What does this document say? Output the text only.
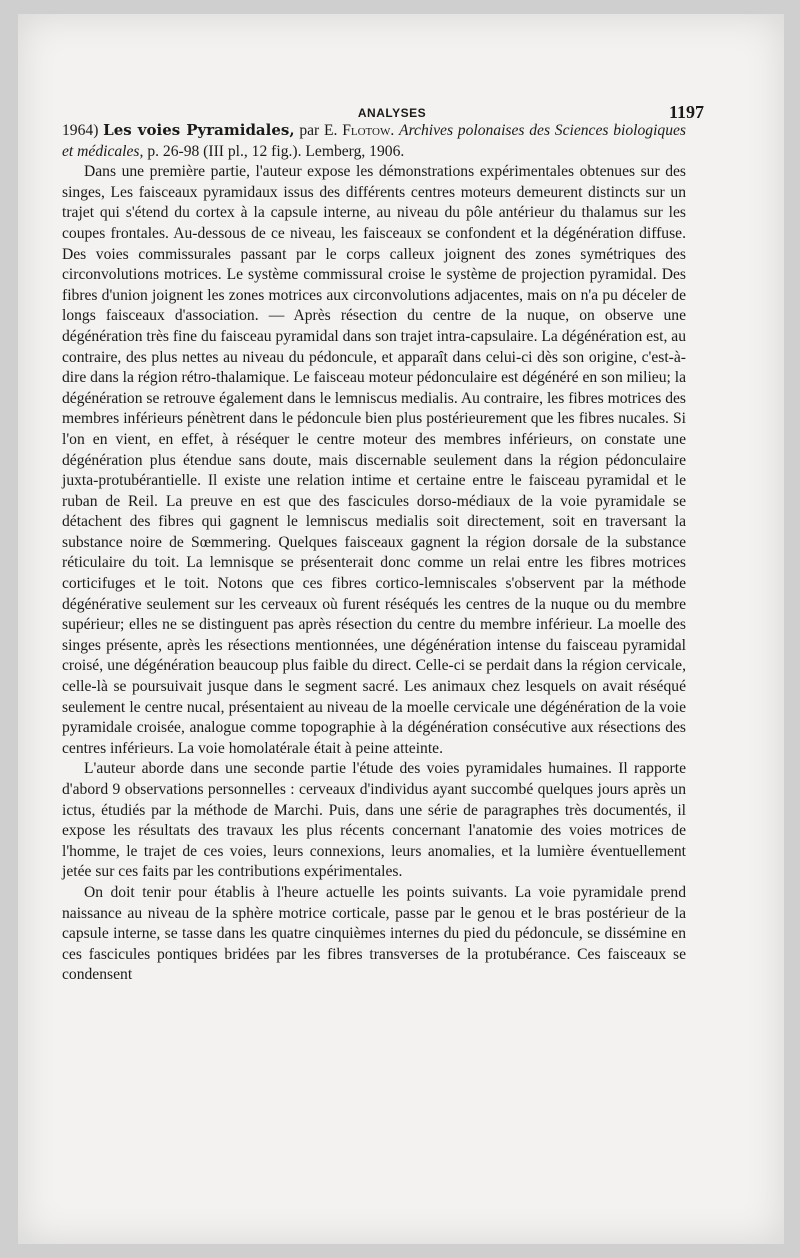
ANALYSES	1197

1964) Les voies Pyramidales, par E. Flotow. Archives polonaises des Sciences biologiques et médicales, p. 26-98 (III pl., 12 fig.). Lemberg, 1906.

Dans une première partie, l'auteur expose les démonstrations expérimentales obtenues sur des singes, Les faisceaux pyramidaux issus des différents centres moteurs demeurent distincts sur un trajet qui s'étend du cortex à la capsule interne, au niveau du pôle antérieur du thalamus sur les coupes frontales. Au-dessous de ce niveau, les faisceaux se confondent et la dégénération diffuse. Des voies commissurales passant par le corps calleux joignent des zones symétriques des circonvolutions motrices. Le système commissural croise le système de projection pyramidal. Des fibres d'union joignent les zones motrices aux circonvolutions adjacentes, mais on n'a pu déceler de longs faisceaux d'association. — Après résection du centre de la nuque, on observe une dégénération très fine du faisceau pyramidal dans son trajet intra-capsulaire. La dégénération est, au contraire, des plus nettes au niveau du pédoncule, et apparaît dans celui-ci dès son origine, c'est-à-dire dans la région rétro-thalamique. Le faisceau moteur pédonculaire est dégénéré en son milieu; la dégénération se retrouve également dans le lemniscus medialis. Au contraire, les fibres motrices des membres inférieurs pénètrent dans le pédoncule bien plus postérieurement que les fibres nucales. Si l'on en vient, en effet, à réséquer le centre moteur des membres inférieurs, on constate une dégénération plus étendue sans doute, mais discernable seulement dans la région pédonculaire juxta-protubérantielle. Il existe une relation intime et certaine entre le faisceau pyramidal et le ruban de Reil. La preuve en est que des fascicules dorso-médiaux de la voie pyramidale se détachent des fibres qui gagnent le lemniscus medialis soit directement, soit en traversant la substance noire de Sœmmering. Quelques faisceaux gagnent la région dorsale de la substance réticulaire du toit. La lemnisque se présenterait donc comme un relai entre les fibres motrices corticifuges et le toit. Notons que ces fibres cortico-lemniscales s'observent par la méthode dégénérative seulement sur les cerveaux où furent réséqués les centres de la nuque ou du membre supérieur; elles ne se distinguent pas après résection du centre du membre inférieur. La moelle des singes présente, après les résections mentionnées, une dégénération intense du faisceau pyramidal croisé, une dégénération beaucoup plus faible du direct. Celle-ci se perdait dans la région cervicale, celle-là se poursuivait jusque dans le segment sacré. Les animaux chez lesquels on avait réséqué seulement le centre nucal, présentaient au niveau de la moelle cervicale une dégénération de la voie pyramidale croisée, analogue comme topographie à la dégénération consécutive aux résections des centres inférieurs. La voie homolatérale était à peine atteinte.

L'auteur aborde dans une seconde partie l'étude des voies pyramidales humaines. Il rapporte d'abord 9 observations personnelles : cerveaux d'individus ayant succombé quelques jours après un ictus, étudiés par la méthode de Marchi. Puis, dans une série de paragraphes très documentés, il expose les résultats des travaux les plus récents concernant l'anatomie des voies motrices de l'homme, le trajet de ces voies, leurs connexions, leurs anomalies, et la lumière éventuellement jetée sur ces faits par les contributions expérimentales.

On doit tenir pour établis à l'heure actuelle les points suivants. La voie pyramidale prend naissance au niveau de la sphère motrice corticale, passe par le genou et le bras postérieur de la capsule interne, se tasse dans les quatre cinquièmes internes du pied du pédoncule, se dissémine en ces fascicules pontiques bridées par les fibres transverses de la protubérance. Ces faisceaux se condensent
